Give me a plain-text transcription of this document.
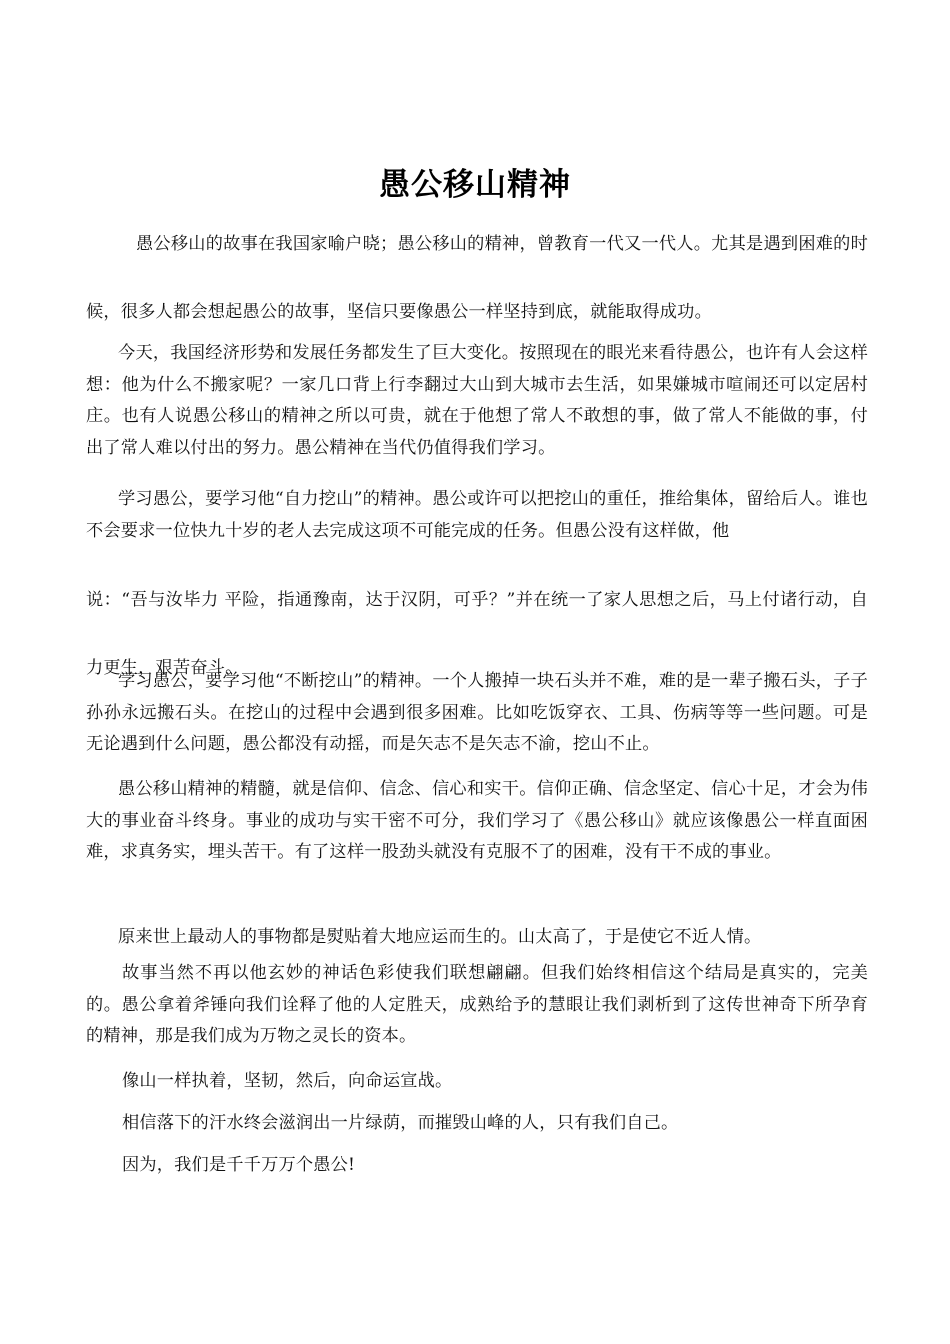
愚公移山精神

愚公移山的故事在我国家喻户晓；愚公移山的精神，曾教育一代又一代人。尤其是遇到困难的时候，很多人都会想起愚公的故事，坚信只要像愚公一样坚持到底，就能取得成功。

今天，我国经济形势和发展任务都发生了巨大变化。按照现在的眼光来看待愚公，也许有人会这样想：他为什么不搬家呢？一家几口背上行李翻过大山到大城市去生活，如果嫌城市喧闹还可以定居村庄。也有人说愚公移山的精神之所以可贵，就在于他想了常人不敢想的事，做了常人不能做的事，付出了常人难以付出的努力。愚公精神在当代仍值得我们学习。

学习愚公，要学习他“自力挖山”的精神。愚公或许可以把挖山的重任，推给集体，留给后人。谁也不会要求一位快九十岁的老人去完成这项不可能完成的任务。但愚公没有这样做，他

说：“吾与汝毕力 平险，指通豫南，达于汉阴，可乎？”并在统一了家人思想之后，马上付诸行动，自力更生，艰苦奋斗。

学习愚公，要学习他“不断挖山”的精神。一个人搬掉一块石头并不难，难的是一辈子搬石头，子子孙孙永远搬石头。在挖山的过程中会遇到很多困难。比如吃饭穿衣、工具、伤病等等一些问题。可是无论遇到什么问题，愚公都没有动摇，而是矢志不是矢志不渝，挖山不止。

愚公移山精神的精髓，就是信仰、信念、信心和实干。信仰正确、信念坚定、信心十足，才会为伟大的事业奋斗终身。事业的成功与实干密不可分，我们学习了《愚公移山》就应该像愚公一样直面困难，求真务实，埋头苦干。有了这样一股劲头就没有克服不了的困难，没有干不成的事业。

原来世上最动人的事物都是熨贴着大地应运而生的。山太高了，于是使它不近人情。

故事当然不再以他玄妙的神话色彩使我们联想翩翩。但我们始终相信这个结局是真实的，完美的。愚公拿着斧锤向我们诠释了他的人定胜天，成熟给予的慧眼让我们剥析到了这传世神奇下所孕育的精神，那是我们成为万物之灵长的资本。

像山一样执着，坚韧，然后，向命运宣战。

相信落下的汗水终会滋润出一片绿荫，而摧毁山峰的人，只有我们自己。

因为，我们是千千万万个愚公!
